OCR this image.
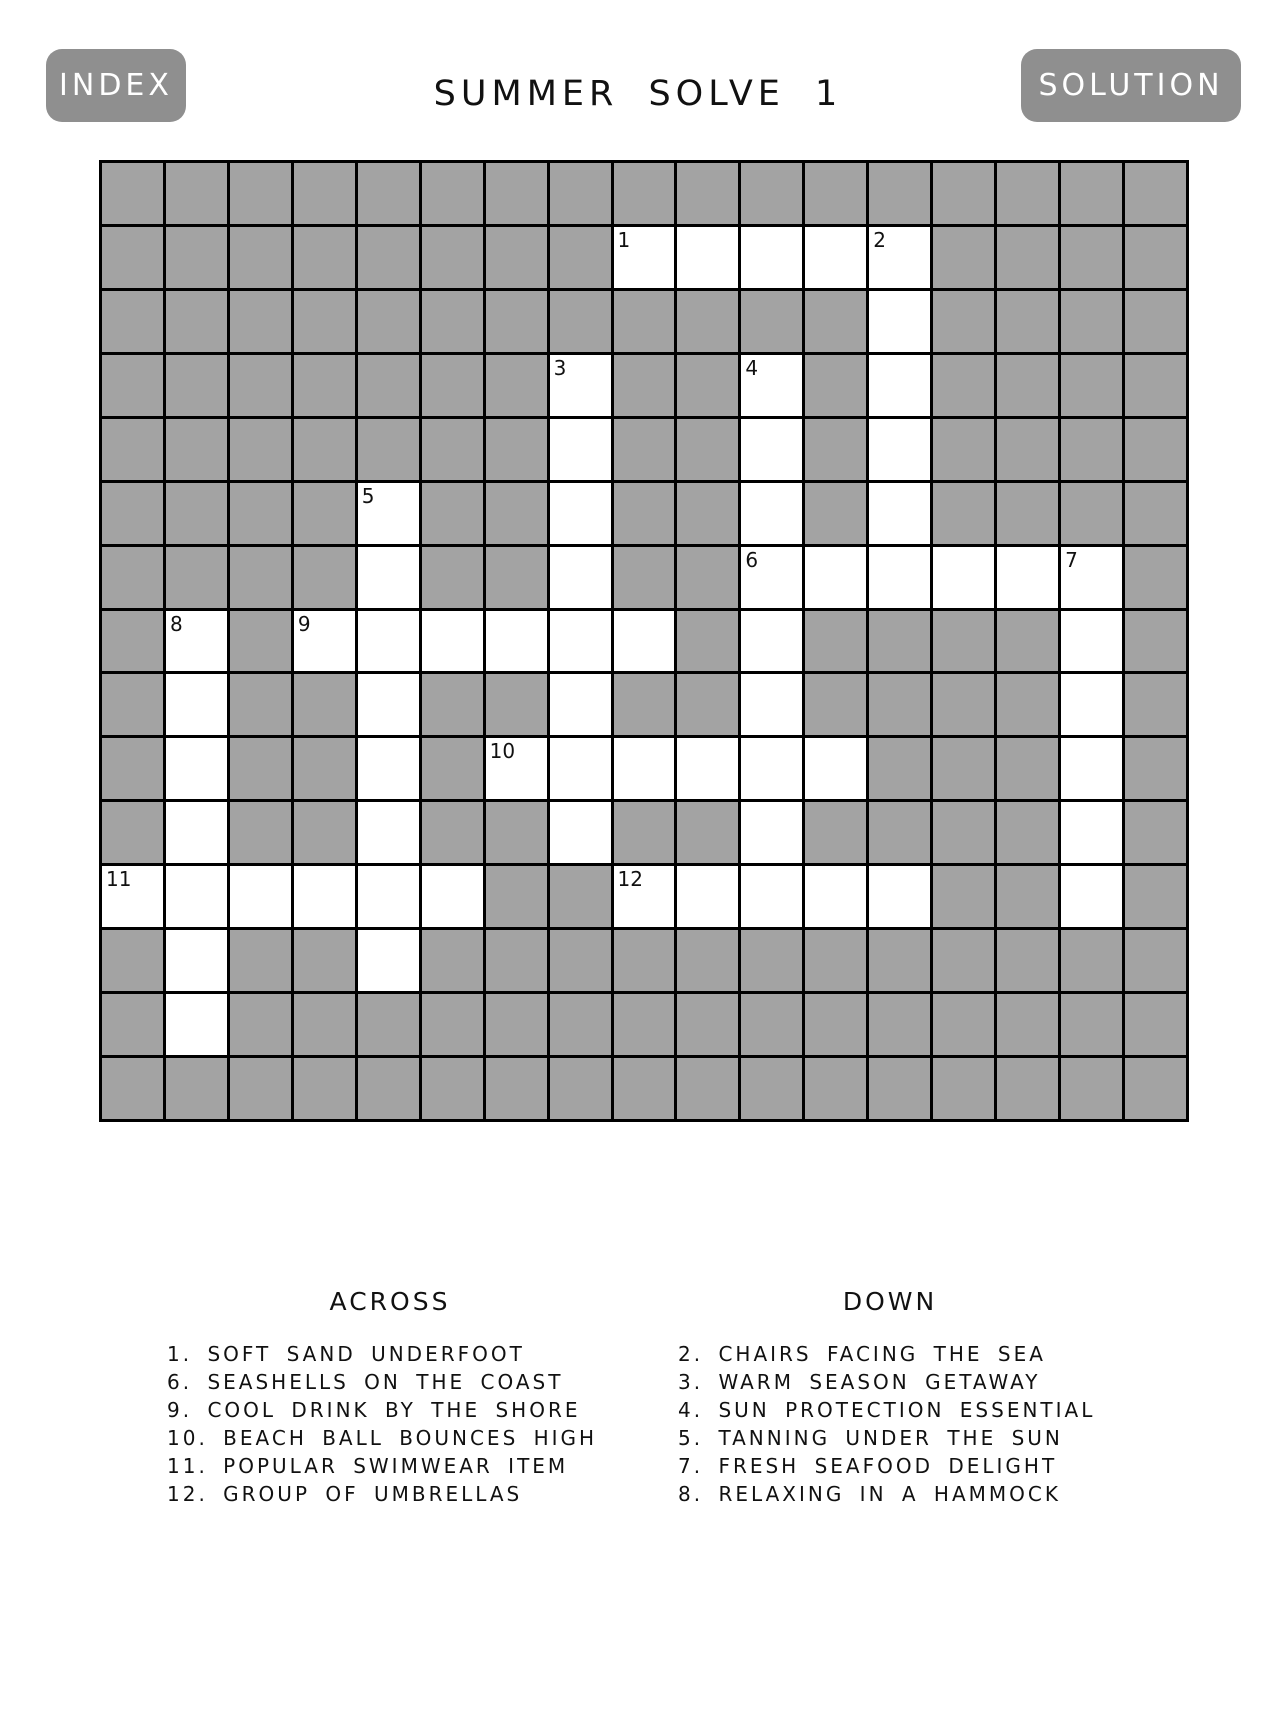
INDEX	SUMMER SOLVE 1	SOLUTION
1	2
3	4
5
6	7
8	9
10
11	12
ACROSS	DOWN
1. SOFT SAND UNDERFOOT
6. SEASHELLS ON THE COAST
9. COOL DRINK BY THE SHORE
10. BEACH BALL BOUNCES HIGH
11. POPULAR SWIMWEAR ITEM
12. GROUP OF UMBRELLAS
2. CHAIRS FACING THE SEA
3. WARM SEASON GETAWAY
4. SUN PROTECTION ESSENTIAL
5. TANNING UNDER THE SUN
7. FRESH SEAFOOD DELIGHT
8. RELAXING IN A HAMMOCK
